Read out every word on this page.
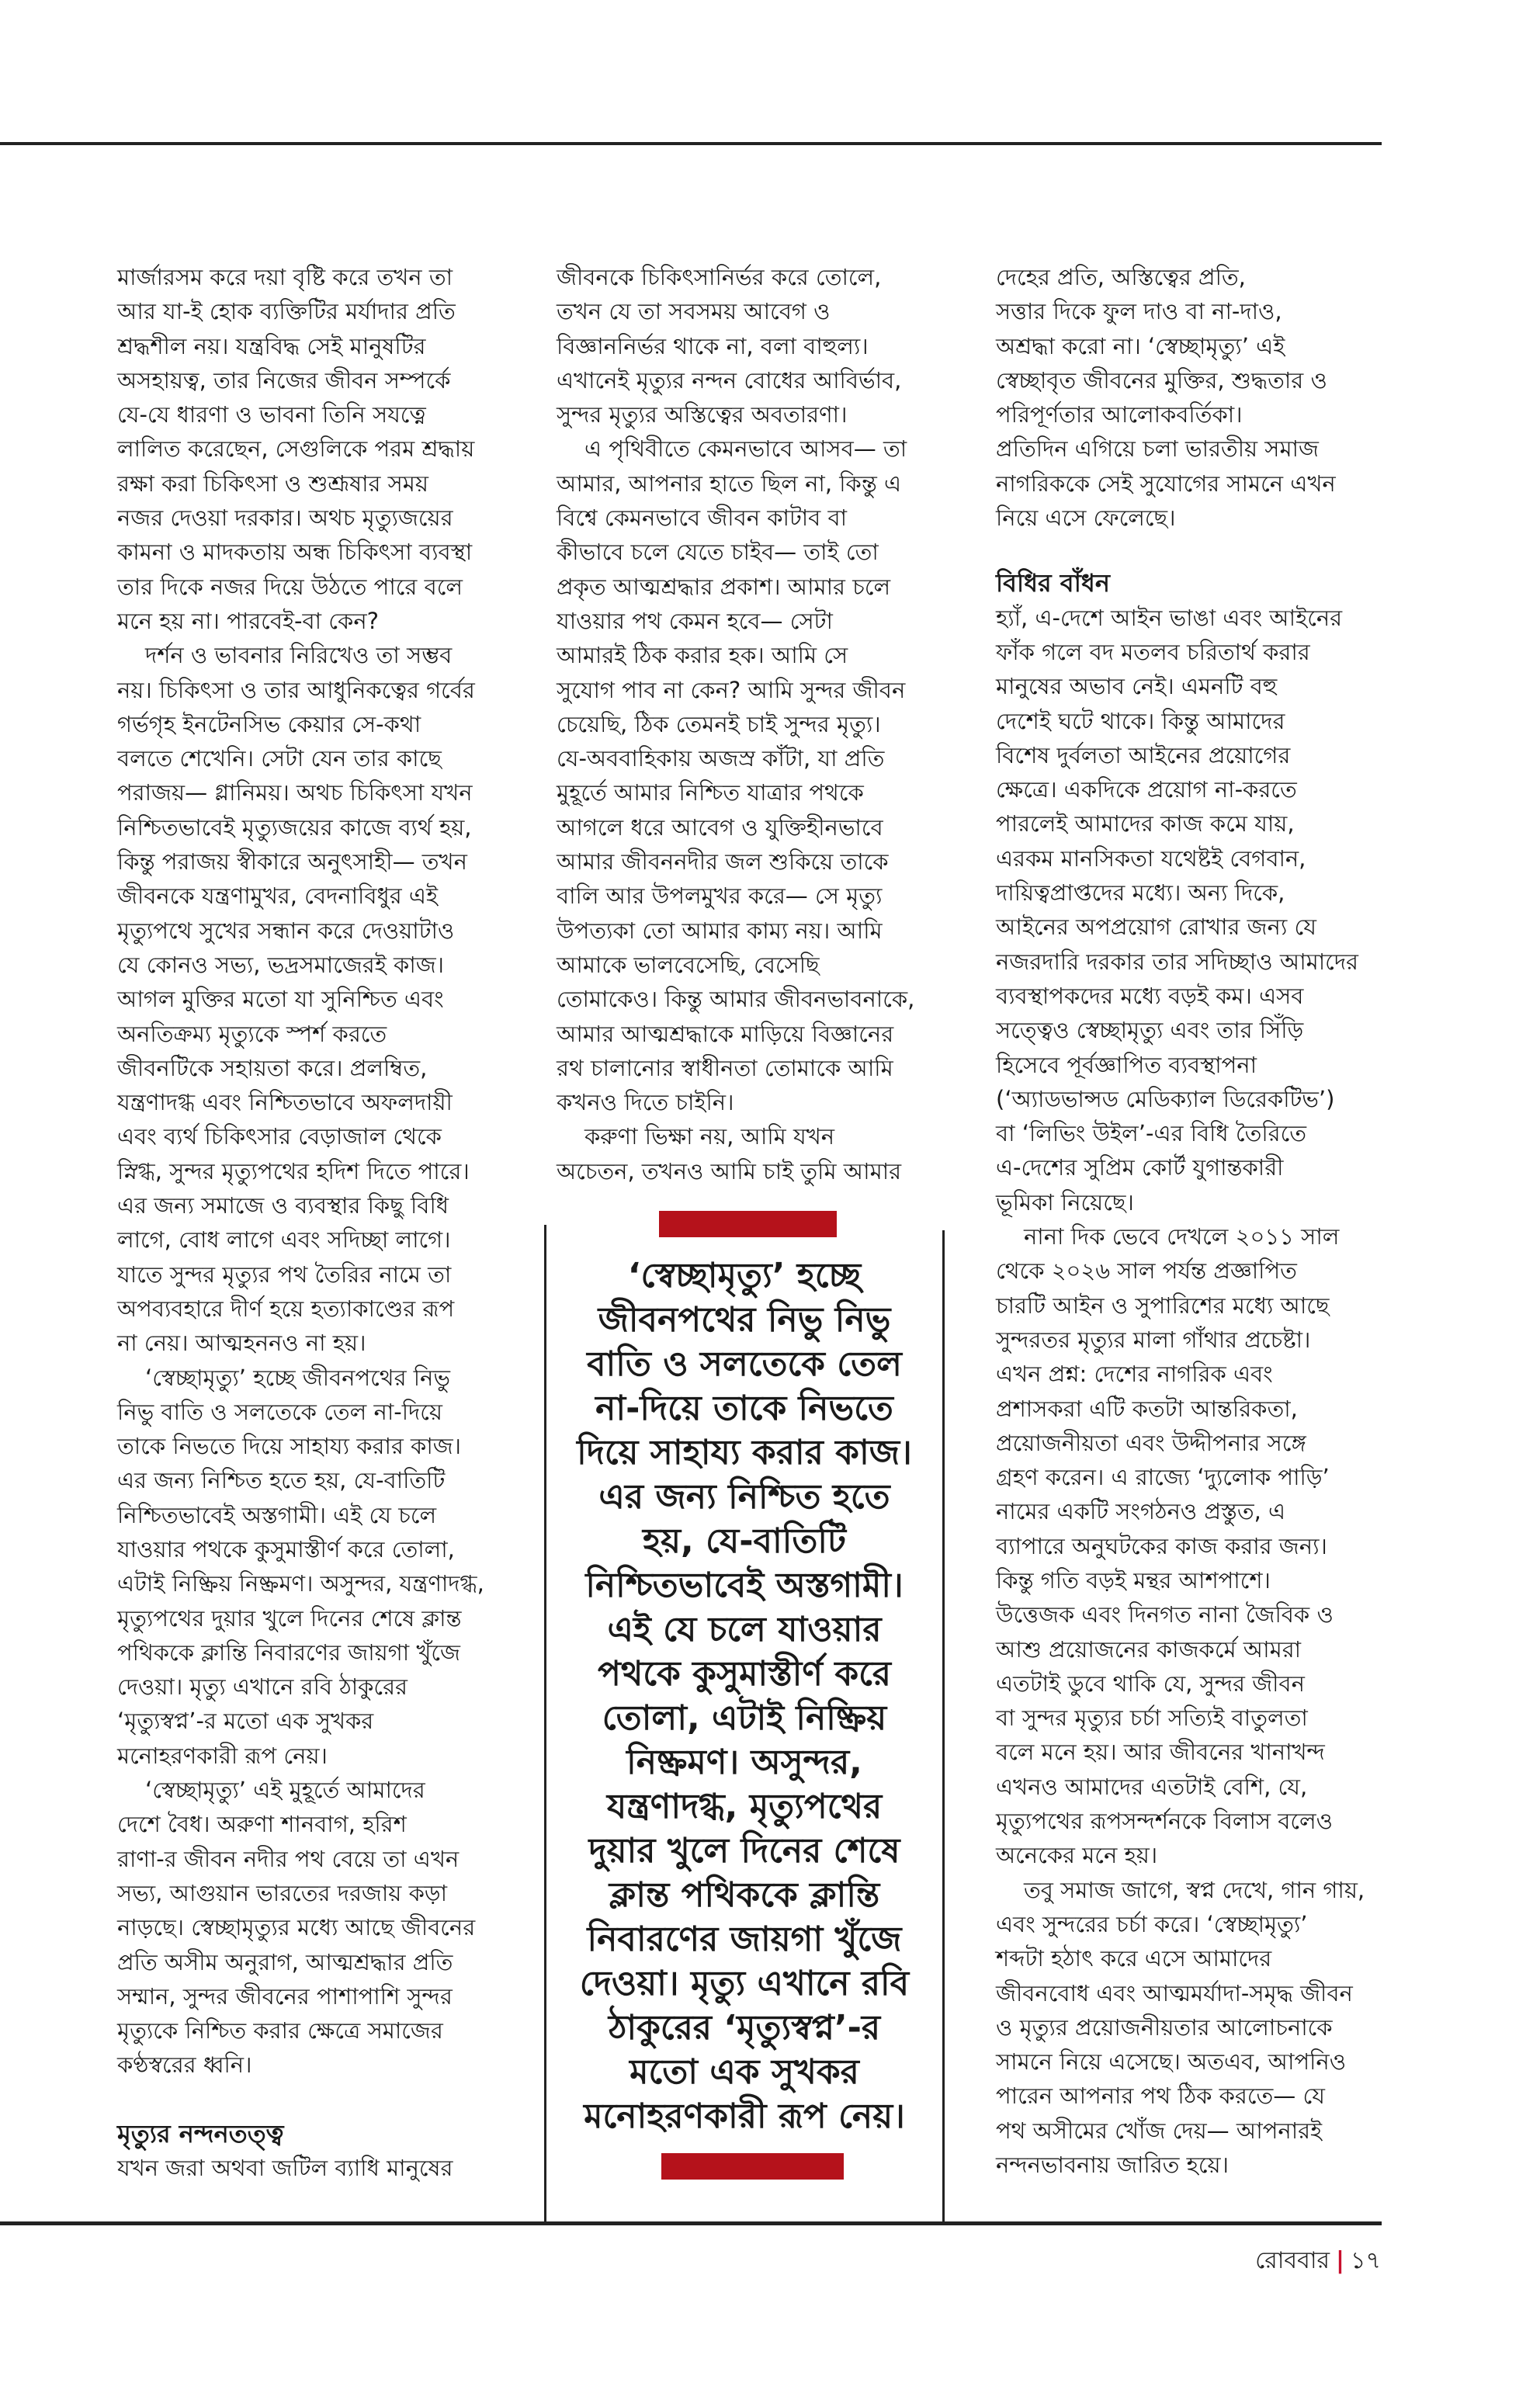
মার্জারসম করে দয়া বৃষ্টি করে তখন তা
আর যা-ই হোক ব্যক্তিটির মর্যাদার প্রতি
শ্রদ্ধশীল নয়। যন্ত্রবিদ্ধ সেই মানুষটির
অসহায়ত্ব, তার নিজের জীবন সম্পর্কে
যে-যে ধারণা ও ভাবনা তিনি সযত্নে
লালিত করেছেন, সেগুলিকে পরম শ্রদ্ধায়
রক্ষা করা চিকিৎসা ও শুশ্রূষার সময়
নজর দেওয়া দরকার। অথচ মৃত্যুজয়ের
কামনা ও মাদকতায় অন্ধ চিকিৎসা ব্যবস্থা
তার দিকে নজর দিয়ে উঠতে পারে বলে
মনে হয় না। পারবেই-বা কেন?
দর্শন ও ভাবনার নিরিখেও তা সম্ভব
নয়। চিকিৎসা ও তার আধুনিকত্বের গর্বের
গর্ভগৃহ ইনটেনসিভ কেয়ার সে-কথা
বলতে শেখেনি। সেটা যেন তার কাছে
পরাজয়— গ্লানিময়। অথচ চিকিৎসা যখন
নিশ্চিতভাবেই মৃত্যুজয়ের কাজে ব্যর্থ হয়,
কিন্তু পরাজয় স্বীকারে অনুৎসাহী— তখন
জীবনকে যন্ত্রণামুখর, বেদনাবিধুর এই
মৃত্যুপথে সুখের সন্ধান করে দেওয়াটাও
যে কোনও সভ্য, ভদ্রসমাজেরই কাজ।
আগল মুক্তির মতো যা সুনিশ্চিত এবং
অনতিক্রম্য মৃত্যুকে স্পর্শ করতে
জীবনটিকে সহায়তা করে। প্রলম্বিত,
যন্ত্রণাদগ্ধ এবং নিশ্চিতভাবে অফলদায়ী
এবং ব্যর্থ চিকিৎসার বেড়াজাল থেকে
স্নিগ্ধ, সুন্দর মৃত্যুপথের হদিশ দিতে পারে।
এর জন্য সমাজে ও ব্যবস্থার কিছু বিধি
লাগে, বোধ লাগে এবং সদিচ্ছা লাগে।
যাতে সুন্দর মৃত্যুর পথ তৈরির নামে তা
অপব্যবহারে দীর্ণ হয়ে হত্যাকাণ্ডের রূপ
না নেয়। আত্মহননও না হয়।
‘স্বেচ্ছামৃত্যু’ হচ্ছে জীবনপথের নিভু
নিভু বাতি ও সলতেকে তেল না-দিয়ে
তাকে নিভতে দিয়ে সাহায্য করার কাজ।
এর জন্য নিশ্চিত হতে হয়, যে-বাতিটি
নিশ্চিতভাবেই অস্তগামী। এই যে চলে
যাওয়ার পথকে কুসুমাস্তীর্ণ করে তোলা,
এটাই নিষ্ক্রিয় নিষ্ক্রমণ। অসুন্দর, যন্ত্রণাদগ্ধ,
মৃত্যুপথের দুয়ার খুলে দিনের শেষে ক্লান্ত
পথিককে ক্লান্তি নিবারণের জায়গা খুঁজে
দেওয়া। মৃত্যু এখানে রবি ঠাকুরের
‘মৃত্যুস্বপ্ন’-র মতো এক সুখকর
মনোহরণকারী রূপ নেয়।
‘স্বেচ্ছামৃত্যু’ এই মুহূর্তে আমাদের
দেশে বৈধ। অরুণা শানবাগ, হরিশ
রাণা-র জীবন নদীর পথ বেয়ে তা এখন
সভ্য, আগুয়ান ভারতের দরজায় কড়া
নাড়ছে। স্বেচ্ছামৃত্যুর মধ্যে আছে জীবনের
প্রতি অসীম অনুরাগ, আত্মশ্রদ্ধার প্রতি
সম্মান, সুন্দর জীবনের পাশাপাশি সুন্দর
মৃত্যুকে নিশ্চিত করার ক্ষেত্রে সমাজের
কণ্ঠস্বরের ধ্বনি।
মৃত্যুর নন্দনতত্ত্ব
যখন জরা অথবা জটিল ব্যাধি মানুষের
জীবনকে চিকিৎসানির্ভর করে তোলে,
তখন যে তা সবসময় আবেগ ও
বিজ্ঞাননির্ভর থাকে না, বলা বাহুল্য।
এখানেই মৃত্যুর নন্দন বোধের আবির্ভাব,
সুন্দর মৃত্যুর অস্তিত্বের অবতারণা।
এ পৃথিবীতে কেমনভাবে আসব— তা
আমার, আপনার হাতে ছিল না, কিন্তু এ
বিশ্বে কেমনভাবে জীবন কাটাব বা
কীভাবে চলে যেতে চাইব— তাই তো
প্রকৃত আত্মশ্রদ্ধার প্রকাশ। আমার চলে
যাওয়ার পথ কেমন হবে— সেটা
আমারই ঠিক করার হক। আমি সে
সুযোগ পাব না কেন? আমি সুন্দর জীবন
চেয়েছি, ঠিক তেমনই চাই সুন্দর মৃত্যু।
যে-অববাহিকায় অজস্র কাঁটা, যা প্রতি
মুহূর্তে আমার নিশ্চিত যাত্রার পথকে
আগলে ধরে আবেগ ও যুক্তিহীনভাবে
আমার জীবননদীর জল শুকিয়ে তাকে
বালি আর উপলমুখর করে— সে মৃত্যু
উপত্যকা তো আমার কাম্য নয়। আমি
আমাকে ভালবেসেছি, বেসেছি
তোমাকেও। কিন্তু আমার জীবনভাবনাকে,
আমার আত্মশ্রদ্ধাকে মাড়িয়ে বিজ্ঞানের
রথ চালানোর স্বাধীনতা তোমাকে আমি
কখনও দিতে চাইনি।
করুণা ভিক্ষা নয়, আমি যখন
অচেতন, তখনও আমি চাই তুমি আমার
দেহের প্রতি, অস্তিত্বের প্রতি,
সত্তার দিকে ফুল দাও বা না-দাও,
অশ্রদ্ধা করো না। ‘স্বেচ্ছামৃত্যু’ এই
স্বেচ্ছাবৃত জীবনের মুক্তির, শুদ্ধতার ও
পরিপূর্ণতার আলোকবর্তিকা।
প্রতিদিন এগিয়ে চলা ভারতীয় সমাজ
নাগরিককে সেই সুযোগের সামনে এখন
নিয়ে এসে ফেলেছে।
বিধির বাঁধন
হ্যাঁ, এ-দেশে আইন ভাঙা এবং আইনের
ফাঁক গলে বদ মতলব চরিতার্থ করার
মানুষের অভাব নেই। এমনটি বহু
দেশেই ঘটে থাকে। কিন্তু আমাদের
বিশেষ দুর্বলতা আইনের প্রয়োগের
ক্ষেত্রে। একদিকে প্রয়োগ না-করতে
পারলেই আমাদের কাজ কমে যায়,
এরকম মানসিকতা যথেষ্টই বেগবান,
দায়িত্বপ্রাপ্তদের মধ্যে। অন্য দিকে,
আইনের অপপ্রয়োগ রোখার জন্য যে
নজরদারি দরকার তার সদিচ্ছাও আমাদের
ব্যবস্থাপকদের মধ্যে বড়ই কম। এসব
সত্ত্বেও স্বেচ্ছামৃত্যু এবং তার সিঁড়ি
হিসেবে পূর্বজ্ঞাপিত ব্যবস্থাপনা
(‘অ্যাডভান্সড মেডিক্যাল ডিরেকটিভ’)
বা ‘লিভিং উইল’-এর বিধি তৈরিতে
এ-দেশের সুপ্রিম কোর্ট যুগান্তকারী
ভূমিকা নিয়েছে।
নানা দিক ভেবে দেখলে ২০১১ সাল
থেকে ২০২৬ সাল পর্যন্ত প্রজ্ঞাপিত
চারটি আইন ও সুপারিশের মধ্যে আছে
সুন্দরতর মৃত্যুর মালা গাঁথার প্রচেষ্টা।
এখন প্রশ্ন: দেশের নাগরিক এবং
প্রশাসকরা এটি কতটা আন্তরিকতা,
প্রয়োজনীয়তা এবং উদ্দীপনার সঙ্গে
গ্রহণ করেন। এ রাজ্যে ‘দ্যুলোক পাড়ি’
নামের একটি সংগঠনও প্রস্তুত, এ
ব্যাপারে অনুঘটকের কাজ করার জন্য।
কিন্তু গতি বড়ই মন্থর আশপাশে।
উত্তেজক এবং দিনগত নানা জৈবিক ও
আশু প্রয়োজনের কাজকর্মে আমরা
এতটাই ডুবে থাকি যে, সুন্দর জীবন
বা সুন্দর মৃত্যুর চর্চা সত্যিই বাতুলতা
বলে মনে হয়। আর জীবনের খানাখন্দ
এখনও আমাদের এতটাই বেশি, যে,
মৃত্যুপথের রূপসন্দর্শনকে বিলাস বলেও
অনেকের মনে হয়।
তবু সমাজ জাগে, স্বপ্ন দেখে, গান গায়,
এবং সুন্দরের চর্চা করে। ‘স্বেচ্ছামৃত্যু’
শব্দটা হঠাৎ করে এসে আমাদের
জীবনবোধ এবং আত্মমর্যাদা-সমৃদ্ধ জীবন
ও মৃত্যুর প্রয়োজনীয়তার আলোচনাকে
সামনে নিয়ে এসেছে। অতএব, আপনিও
পারেন আপনার পথ ঠিক করতে— যে
পথ অসীমের খোঁজ দেয়— আপনারই
নন্দনভাবনায় জারিত হয়ে।
‘স্বেচ্ছামৃত্যু’ হচ্ছে
জীবনপথের নিভু নিভু
বাতি ও সলতেকে তেল
না-দিয়ে তাকে নিভতে
দিয়ে সাহায্য করার কাজ।
এর জন্য নিশ্চিত হতে
হয়, যে-বাতিটি
নিশ্চিতভাবেই অস্তগামী।
এই যে চলে যাওয়ার
পথকে কুসুমাস্তীর্ণ করে
তোলা, এটাই নিষ্ক্রিয়
নিষ্ক্রমণ। অসুন্দর,
যন্ত্রণাদগ্ধ, মৃত্যুপথের
দুয়ার খুলে দিনের শেষে
ক্লান্ত পথিককে ক্লান্তি
নিবারণের জায়গা খুঁজে
দেওয়া। মৃত্যু এখানে রবি
ঠাকুরের ‘মৃত্যুস্বপ্ন’-র
মতো এক সুখকর
মনোহরণকারী রূপ নেয়।
রোববার | ১৭
